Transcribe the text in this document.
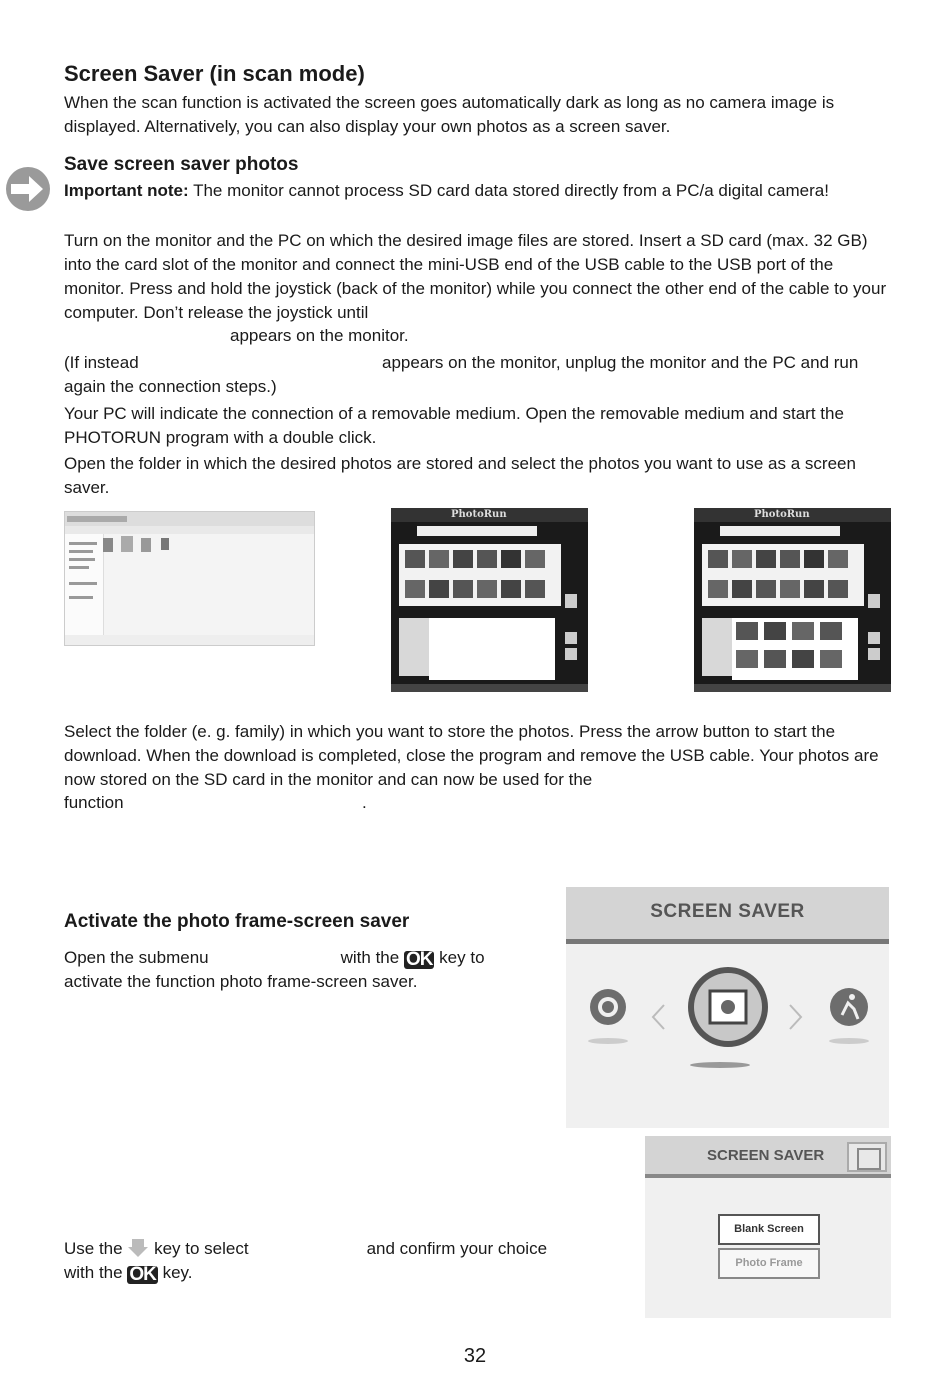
Screen Saver (in scan mode)

When the scan function is activated the screen goes automatically dark as long as no camera image is displayed. Alternatively, you can also display your own photos as a screen saver.

Save screen saver photos

Important note: The monitor cannot process SD card data stored directly from a PC/a digital camera!

Turn on the monitor and the PC on which the desired image files are stored. Insert a SD card (max. 32 GB) into the card slot of the monitor and connect the mini-USB end of the USB cable to the USB port of the monitor. Press and hold the joystick (back of the monitor) while you connect the other end of the cable to your computer. Don’t release the joystick until

appears on the monitor.

(If instead	appears on the monitor, unplug the monitor and the PC and run again the connection steps.)

Your PC will indicate the connection of a removable medium. Open the removable medium and start the PHOTORUN program with a double click.

Open the folder in which the desired photos are stored and select the photos you want to use as a screen saver.

PhotoRun	PhotoRun

Select the folder (e. g. family) in which you want to store the photos. Press the arrow button to start the download. When the download is completed, close the program and remove the USB cable. Your photos are now stored on the SD card in the monitor and can now be used for the

function	.

Activate the photo frame-screen saver

Open the submenu	with the OK key to
activate the function photo frame-screen saver.

SCREEN SAVER
SCREEN SAVER
Blank Screen
Photo Frame

Use the key to select	and confirm your choice
with the OK key.

32
